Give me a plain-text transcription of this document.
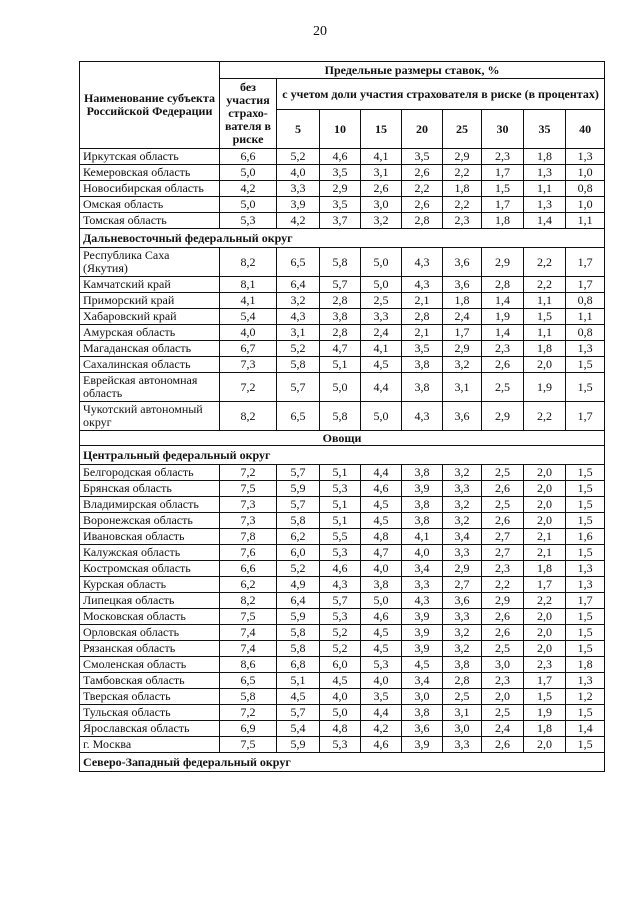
20
Наименование субъекта Российской Федерации	Предельные размеры ставок, %								
	без участия страхо-вателя в риске	с учетом доли участия страхователя в риске (в процентах)							
		5	10	15	20	25	30	35	40
Иркутская область	6,6	5,2	4,6	4,1	3,5	2,9	2,3	1,8	1,3
Кемеровская область	5,0	4,0	3,5	3,1	2,6	2,2	1,7	1,3	1,0
Новосибирская область	4,2	3,3	2,9	2,6	2,2	1,8	1,5	1,1	0,8
Омская область	5,0	3,9	3,5	3,0	2,6	2,2	1,7	1,3	1,0
Томская область	5,3	4,2	3,7	3,2	2,8	2,3	1,8	1,4	1,1
Дальневосточный федеральный округ									
Республика Саха (Якутия)	8,2	6,5	5,8	5,0	4,3	3,6	2,9	2,2	1,7
Камчатский край	8,1	6,4	5,7	5,0	4,3	3,6	2,8	2,2	1,7
Приморский край	4,1	3,2	2,8	2,5	2,1	1,8	1,4	1,1	0,8
Хабаровский край	5,4	4,3	3,8	3,3	2,8	2,4	1,9	1,5	1,1
Амурская область	4,0	3,1	2,8	2,4	2,1	1,7	1,4	1,1	0,8
Магаданская область	6,7	5,2	4,7	4,1	3,5	2,9	2,3	1,8	1,3
Сахалинская область	7,3	5,8	5,1	4,5	3,8	3,2	2,6	2,0	1,5
Еврейская автономная область	7,2	5,7	5,0	4,4	3,8	3,1	2,5	1,9	1,5
Чукотский автономный округ	8,2	6,5	5,8	5,0	4,3	3,6	2,9	2,2	1,7
Овощи									
Центральный федеральный округ									
Белгородская область	7,2	5,7	5,1	4,4	3,8	3,2	2,5	2,0	1,5
Брянская область	7,5	5,9	5,3	4,6	3,9	3,3	2,6	2,0	1,5
Владимирская область	7,3	5,7	5,1	4,5	3,8	3,2	2,5	2,0	1,5
Воронежская область	7,3	5,8	5,1	4,5	3,8	3,2	2,6	2,0	1,5
Ивановская область	7,8	6,2	5,5	4,8	4,1	3,4	2,7	2,1	1,6
Калужская область	7,6	6,0	5,3	4,7	4,0	3,3	2,7	2,1	1,5
Костромская область	6,6	5,2	4,6	4,0	3,4	2,9	2,3	1,8	1,3
Курская область	6,2	4,9	4,3	3,8	3,3	2,7	2,2	1,7	1,3
Липецкая область	8,2	6,4	5,7	5,0	4,3	3,6	2,9	2,2	1,7
Московская область	7,5	5,9	5,3	4,6	3,9	3,3	2,6	2,0	1,5
Орловская область	7,4	5,8	5,2	4,5	3,9	3,2	2,6	2,0	1,5
Рязанская область	7,4	5,8	5,2	4,5	3,9	3,2	2,5	2,0	1,5
Смоленская область	8,6	6,8	6,0	5,3	4,5	3,8	3,0	2,3	1,8
Тамбовская область	6,5	5,1	4,5	4,0	3,4	2,8	2,3	1,7	1,3
Тверская область	5,8	4,5	4,0	3,5	3,0	2,5	2,0	1,5	1,2
Тульская область	7,2	5,7	5,0	4,4	3,8	3,1	2,5	1,9	1,5
Ярославская область	6,9	5,4	4,8	4,2	3,6	3,0	2,4	1,8	1,4
г. Москва	7,5	5,9	5,3	4,6	3,9	3,3	2,6	2,0	1,5
Северо-Западный федеральный округ									
